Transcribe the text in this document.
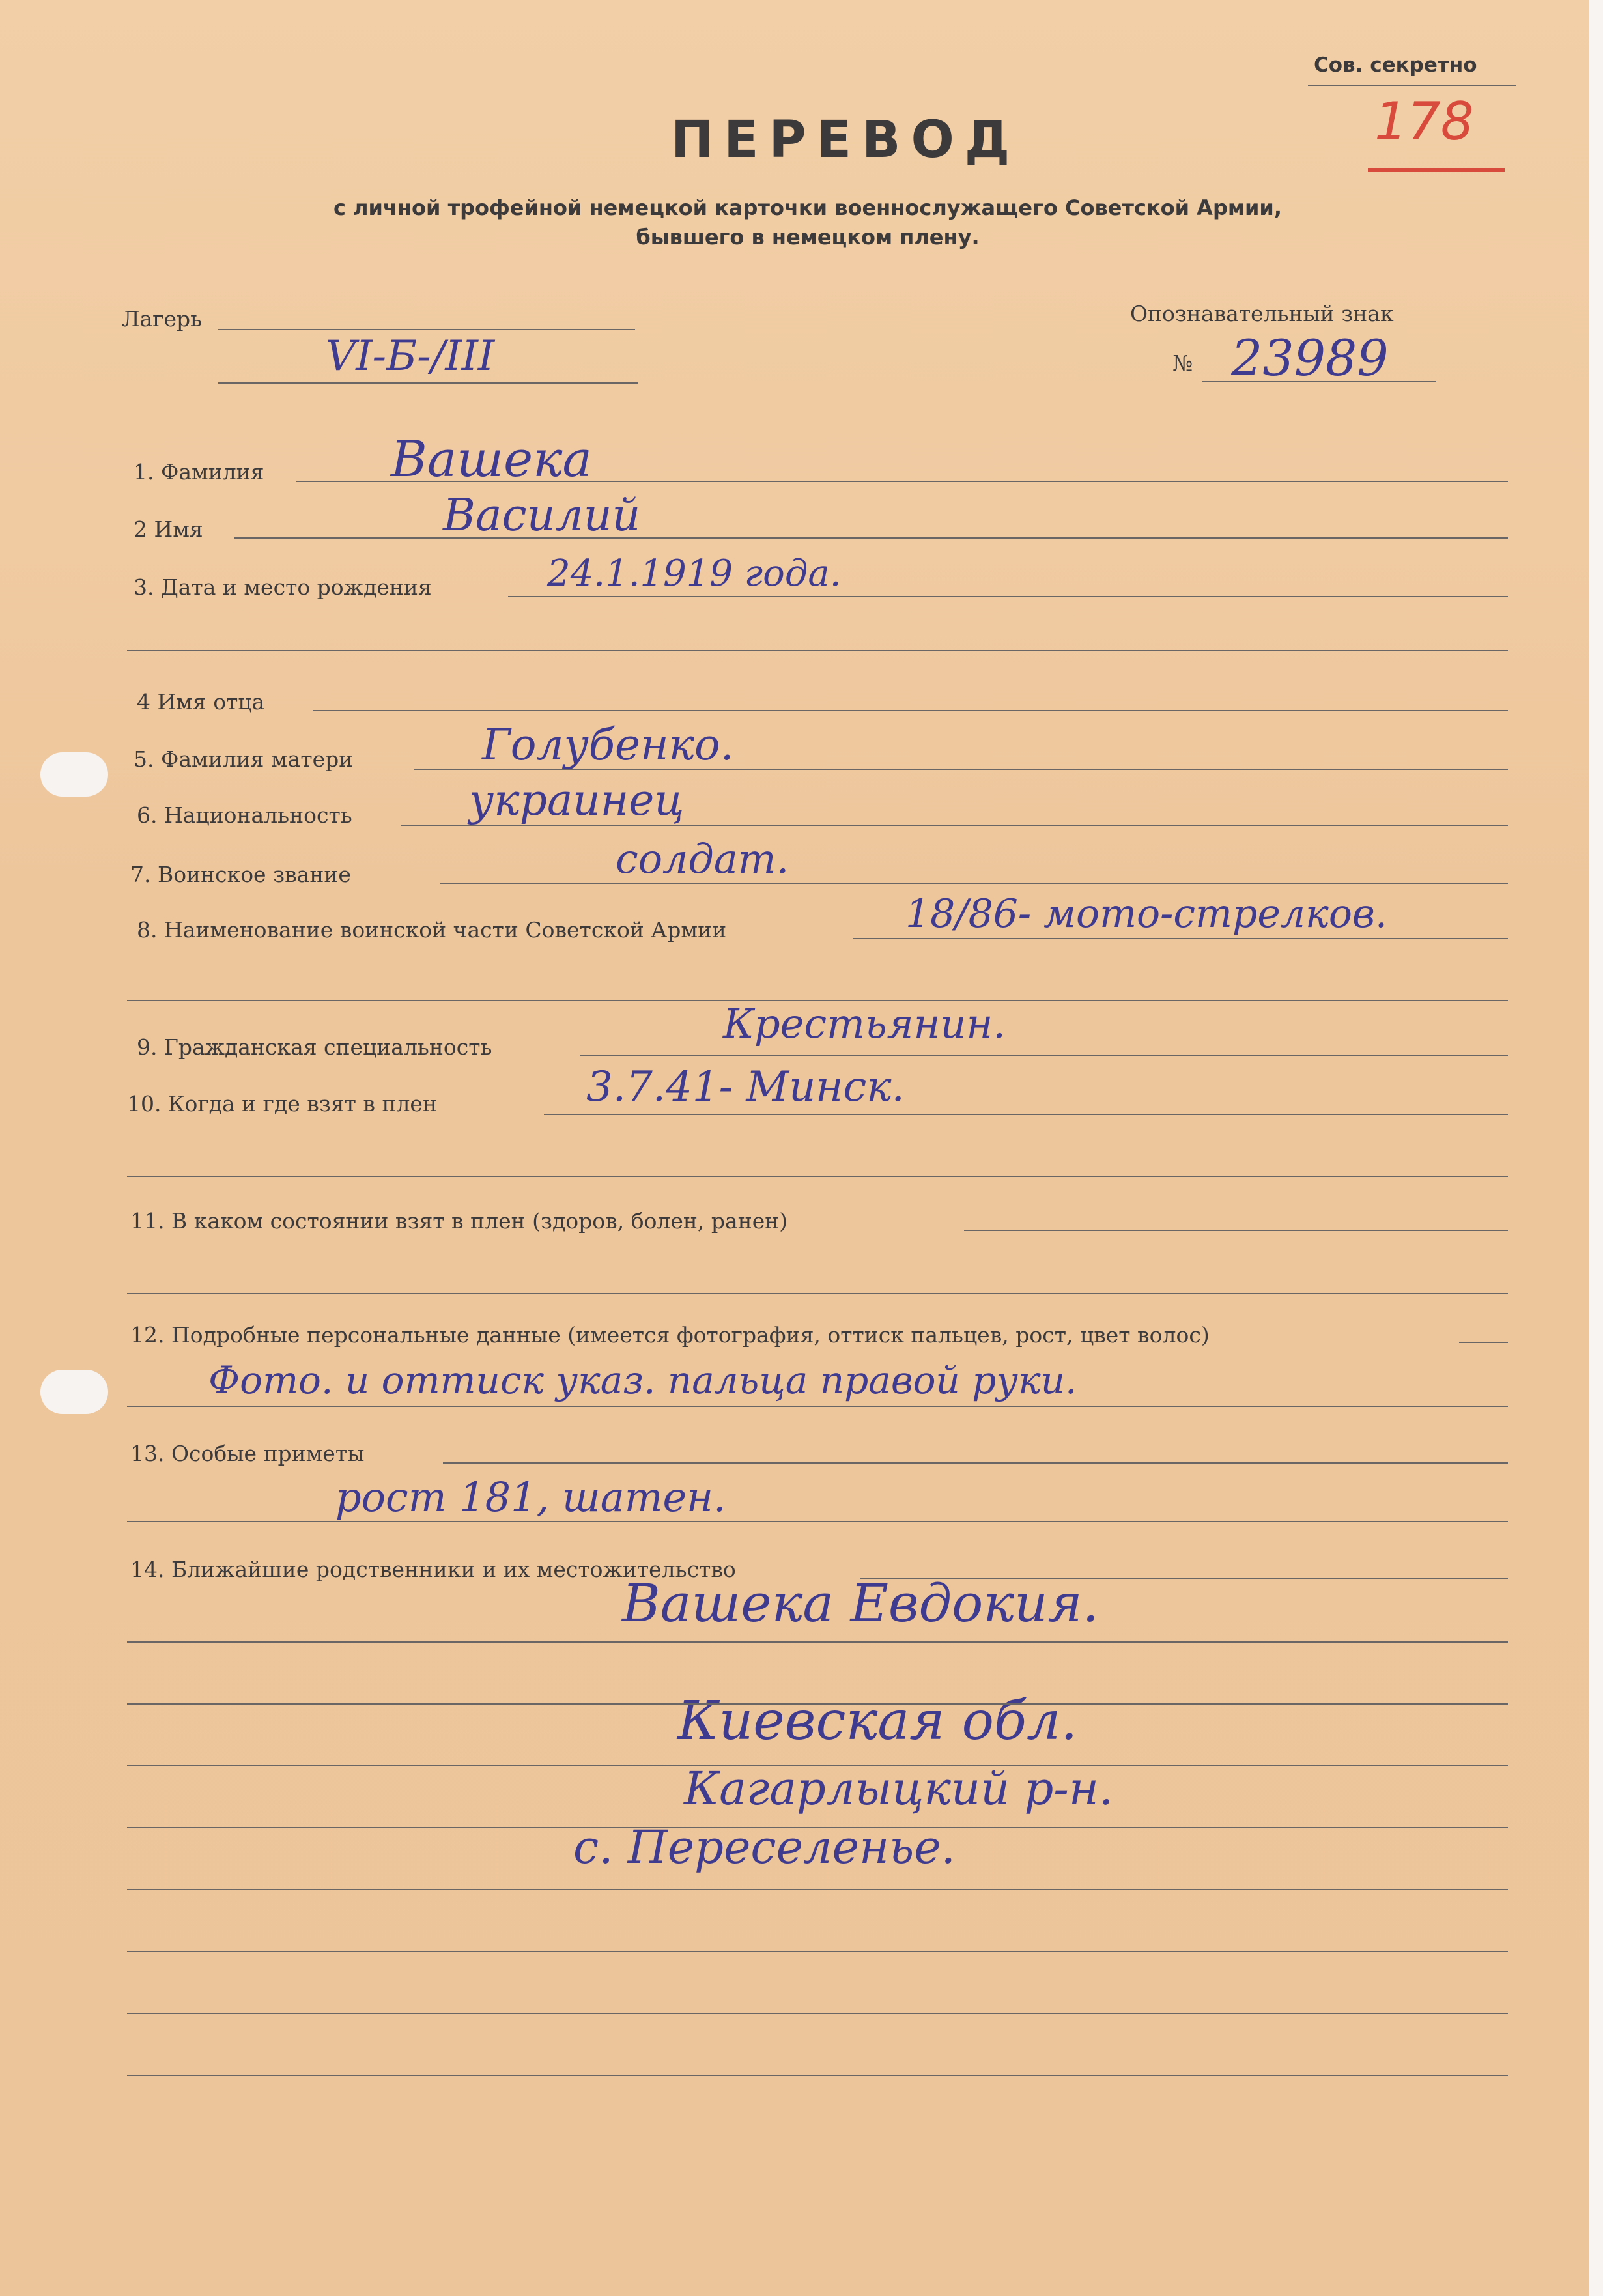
Сов. секретно
178
ПЕРЕВОД
с личной трофейной немецкой карточки военнослужащего Советской Армии,
бывшего в немецком плену.
Лагерь
VI-Б-/III
Опознавательный знак
№ 23989
1. Фамилия	Вашека
2 Имя	Василий
3. Дата и место рождения	24.1.1919 года.
4 Имя отца
5. Фамилия матери	Голубенко.
6. Национальность	украинец
7. Воинское звание	солдат.
8. Наименование воинской части Советской Армии	18/86- мото-стрелков.
9. Гражданская специальность	Крестьянин.
10. Когда и где взят в плен	3.7.41- Минск.
11. В каком состоянии взят в плен (здоров, болен, ранен)
12. Подробные персональные данные (имеется фотография, оттиск пальцев, рост, цвет волос)
Фото. и оттиск указ. пальца правой руки.
13. Особые приметы
рост 181, шатен.
14. Ближайшие родственники и их местожительство
Вашека Евдокия.
Киевская обл.
Кагарлыцкий р-н.
с. Переселенье.
